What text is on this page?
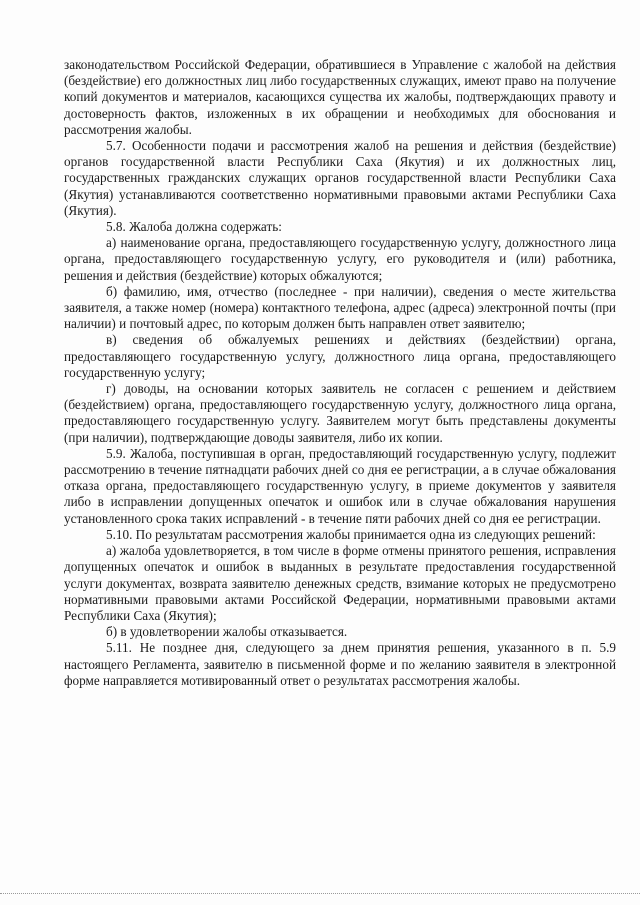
законодательством Российской Федерации, обратившиеся в Управление с жалобой на действия (бездействие) его должностных лиц либо государственных служащих, имеют право на получение копий документов и материалов, касающихся существа их жалобы, подтверждающих правоту и достоверность фактов, изложенных в их обращении и необходимых для обоснования и рассмотрения жалобы.

5.7. Особенности подачи и рассмотрения жалоб на решения и действия (бездействие) органов государственной власти Республики Саха (Якутия) и их должностных лиц, государственных гражданских служащих органов государственной власти Республики Саха (Якутия) устанавливаются соответственно нормативными правовыми актами Республики Саха (Якутия).

5.8. Жалоба должна содержать:

а) наименование органа, предоставляющего государственную услугу, должностного лица органа, предоставляющего государственную услугу, его руководителя и (или) работника, решения и действия (бездействие) которых обжалуются;

б) фамилию, имя, отчество (последнее - при наличии), сведения о месте жительства заявителя, а также номер (номера) контактного телефона, адрес (адреса) электронной почты (при наличии) и почтовый адрес, по которым должен быть направлен ответ заявителю;

в) сведения об обжалуемых решениях и действиях (бездействии) органа, предоставляющего государственную услугу, должностного лица органа, предоставляющего государственную услугу;

г) доводы, на основании которых заявитель не согласен с решением и действием (бездействием) органа, предоставляющего государственную услугу, должностного лица органа, предоставляющего государственную услугу. Заявителем могут быть представлены документы (при наличии), подтверждающие доводы заявителя, либо их копии.

5.9. Жалоба, поступившая в орган, предоставляющий государственную услугу, подлежит рассмотрению в течение пятнадцати рабочих дней со дня ее регистрации, а в случае обжалования отказа органа, предоставляющего государственную услугу, в приеме документов у заявителя либо в исправлении допущенных опечаток и ошибок или в случае обжалования нарушения установленного срока таких исправлений - в течение пяти рабочих дней со дня ее регистрации.

5.10. По результатам рассмотрения жалобы принимается одна из следующих решений:

а) жалоба удовлетворяется, в том числе в форме отмены принятого решения, исправления допущенных опечаток и ошибок в выданных в результате предоставления государственной услуги документах, возврата заявителю денежных средств, взимание которых не предусмотрено нормативными правовыми актами Российской Федерации, нормативными правовыми актами Республики Саха (Якутия);

б) в удовлетворении жалобы отказывается.

5.11. Не позднее дня, следующего за днем принятия решения, указанного в п. 5.9 настоящего Регламента, заявителю в письменной форме и по желанию заявителя в электронной форме направляется мотивированный ответ о результатах рассмотрения жалобы.
